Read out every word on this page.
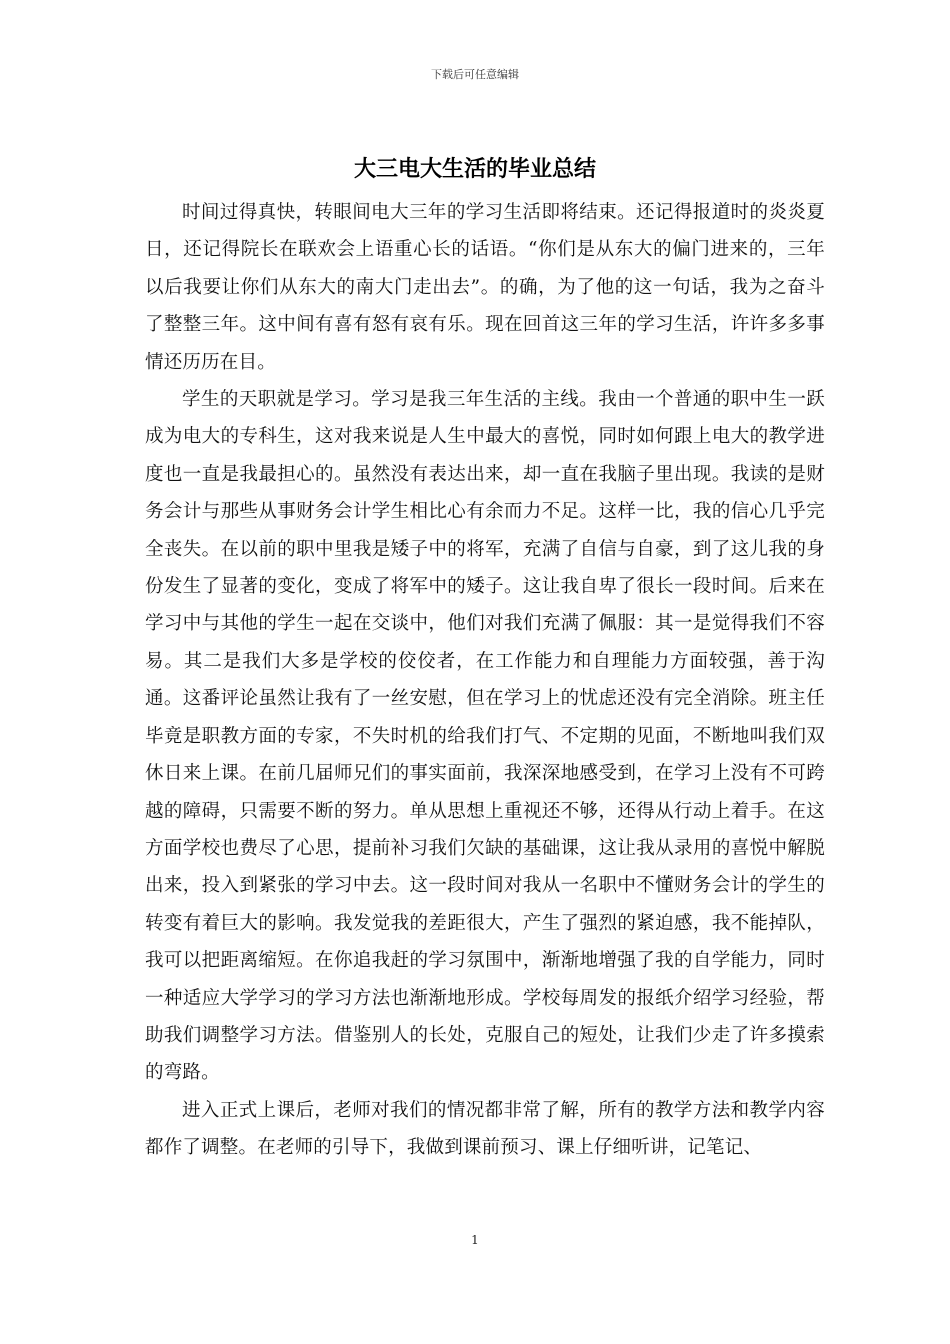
下载后可任意编辑
大三电大生活的毕业总结

时间过得真快，转眼间电大三年的学习生活即将结束。还记得报道时的炎炎夏日，还记得院长在联欢会上语重心长的话语。“你们是从东大的偏门进来的，三年以后我要让你们从东大的南大门走出去”。的确，为了他的这一句话，我为之奋斗了整整三年。这中间有喜有怒有哀有乐。现在回首这三年的学习生活，许许多多事情还历历在目。

学生的天职就是学习。学习是我三年生活的主线。我由一个普通的职中生一跃成为电大的专科生，这对我来说是人生中最大的喜悦，同时如何跟上电大的教学进度也一直是我最担心的。虽然没有表达出来，却一直在我脑子里出现。我读的是财务会计与那些从事财务会计学生相比心有余而力不足。这样一比，我的信心几乎完全丧失。在以前的职中里我是矮子中的将军，充满了自信与自豪，到了这儿我的身份发生了显著的变化，变成了将军中的矮子。这让我自卑了很长一段时间。后来在学习中与其他的学生一起在交谈中，他们对我们充满了佩服：其一是觉得我们不容易。其二是我们大多是学校的佼佼者，在工作能力和自理能力方面较强，善于沟通。这番评论虽然让我有了一丝安慰，但在学习上的忧虑还没有完全消除。班主任毕竟是职教方面的专家，不失时机的给我们打气、不定期的见面，不断地叫我们双休日来上课。在前几届师兄们的事实面前，我深深地感受到，在学习上没有不可跨越的障碍，只需要不断的努力。单从思想上重视还不够，还得从行动上着手。在这方面学校也费尽了心思，提前补习我们欠缺的基础课，这让我从录用的喜悦中解脱出来，投入到紧张的学习中去。这一段时间对我从一名职中不懂财务会计的学生的转变有着巨大的影响。我发觉我的差距很大，产生了强烈的紧迫感，我不能掉队，我可以把距离缩短。在你追我赶的学习氛围中，渐渐地增强了我的自学能力，同时一种适应大学学习的学习方法也渐渐地形成。学校每周发的报纸介绍学习经验，帮助我们调整学习方法。借鉴别人的长处，克服自己的短处，让我们少走了许多摸索的弯路。

进入正式上课后，老师对我们的情况都非常了解，所有的教学方法和教学内容都作了调整。在老师的引导下，我做到课前预习、课上仔细听讲，记笔记、

1
